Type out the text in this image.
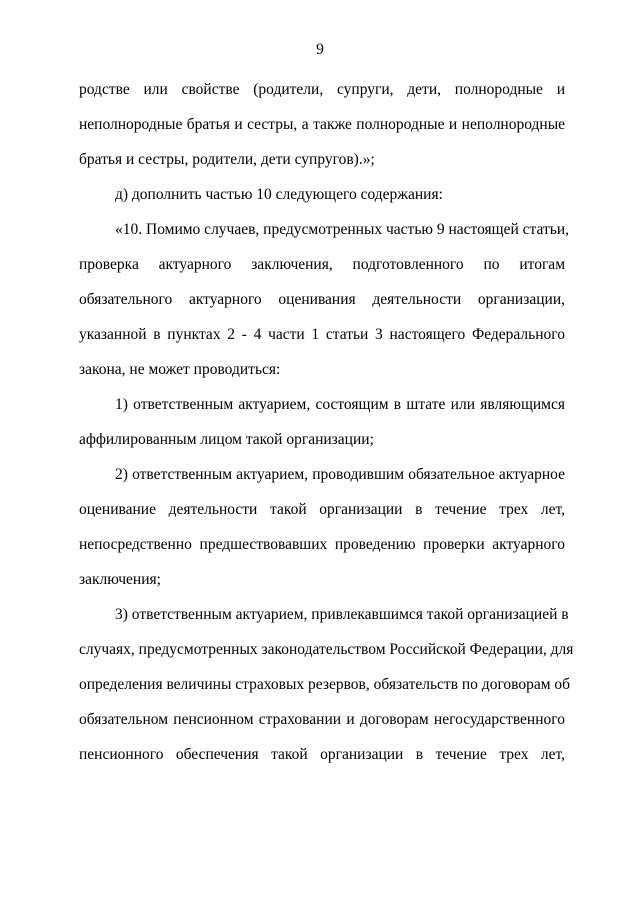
9
родстве или свойстве (родители, супруги, дети, полнородные и
неполнородные братья и сестры, а также полнородные и неполнородные
братья и сестры, родители, дети супругов).»;
д) дополнить частью 10 следующего содержания:
«10. Помимо случаев, предусмотренных частью 9 настоящей статьи,
проверка актуарного заключения, подготовленного по итогам
обязательного актуарного оценивания деятельности организации,
указанной в пунктах 2 - 4 части 1 статьи 3 настоящего Федерального
закона, не может проводиться:
1) ответственным актуарием, состоящим в штате или являющимся
аффилированным лицом такой организации;
2) ответственным актуарием, проводившим обязательное актуарное
оценивание деятельности такой организации в течение трех лет,
непосредственно предшествовавших проведению проверки актуарного
заключения;
3) ответственным актуарием, привлекавшимся такой организацией в
случаях, предусмотренных законодательством Российской Федерации, для
определения величины страховых резервов, обязательств по договорам об
обязательном пенсионном страховании и договорам негосударственного
пенсионного обеспечения такой организации в течение трех лет,
